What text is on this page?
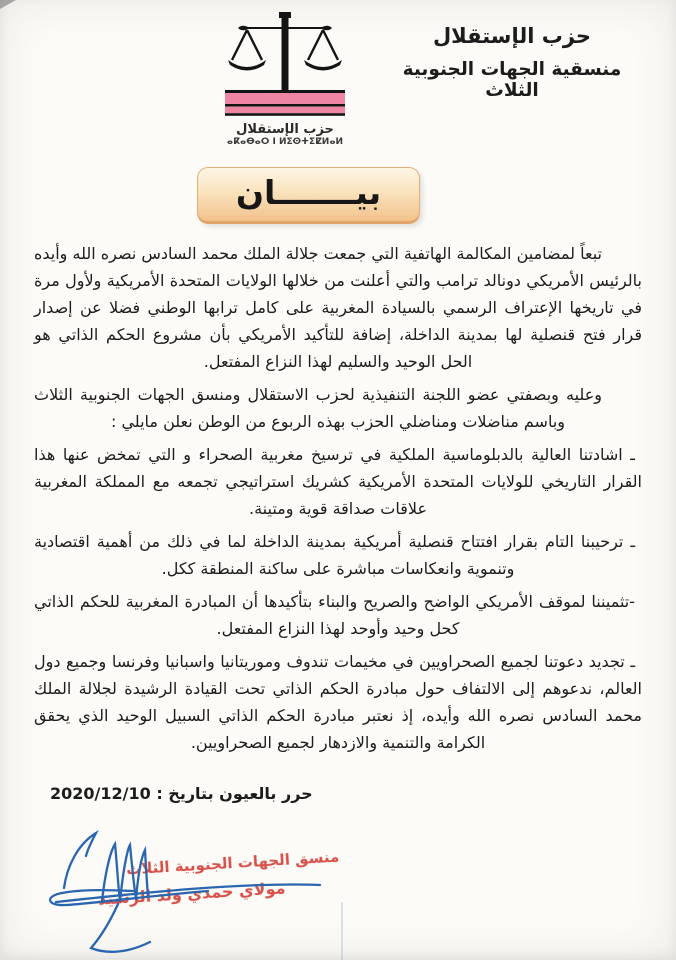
حزب الإستقلال
منسقية الجهات الجنوبية الثلاث
حزب الإستقلال
ⴰⴽⴰⴱⴰⵔ ⵏ ⵍⵉⵙⵜⵉⵇⵍⴰⵍ
بيـــــــان

تبعاً لمضامين المكالمة الهاتفية التي جمعت جلالة الملك محمد السادس نصره الله وأيده بالرئيس الأمريكي دونالد ترامب والتي أعلنت من خلالها الولايات المتحدة الأمريكية ولأول مرة في تاريخها الإعتراف الرسمي بالسيادة المغربية على كامل ترابها الوطني فضلا عن إصدار قرار فتح قنصلية لها بمدينة الداخلة، إضافة للتأكيد الأمريكي بأن مشروع الحكم الذاتي هو الحل الوحيد والسليم لهذا النزاع المفتعل.

وعليه وبصفتي عضو اللجنة التنفيذية لحزب الاستقلال ومنسق الجهات الجنوبية الثلاث وباسم مناضلات ومناضلي الحزب بهذه الربوع من الوطن نعلن مايلي :

ـ اشادتنا العالية بالدبلوماسية الملكية في ترسيخ مغربية الصحراء و التي تمخض عنها هذا القرار التاريخي للولايات المتحدة الأمريكية كشريك استراتيجي تجمعه مع المملكة المغربية علاقات صداقة قوية ومتينة.

ـ ترحيبنا التام بقرار افتتاح قنصلية أمريكية بمدينة الداخلة لما في ذلك من أهمية اقتصادية وتنموية وانعكاسات مباشرة على ساكنة المنطقة ككل.

-تثميننا لموقف الأمريكي الواضح والصريح والبناء بتأكيدها أن المبادرة المغربية للحكم الذاتي كحل وحيد وأوحد لهذا النزاع المفتعل.

ـ تجديد دعوتنا لجميع الصحراويين في مخيمات تندوف وموريتانيا واسبانيا وفرنسا وجميع دول العالم، ندعوهم إلى الالتفاف حول مبادرة الحكم الذاتي تحت القيادة الرشيدة لجلالة الملك محمد السادس نصره الله وأيده، إذ نعتبر مبادرة الحكم الذاتي السبيل الوحيد الذي يحقق الكرامة والتنمية والازدهار لجميع الصحراويين.

حرر بالعيون بتاريخ : 2020/12/10
منسق الجهات الجنوبية الثلاث
مولاي حمدي ولد الرشيد
